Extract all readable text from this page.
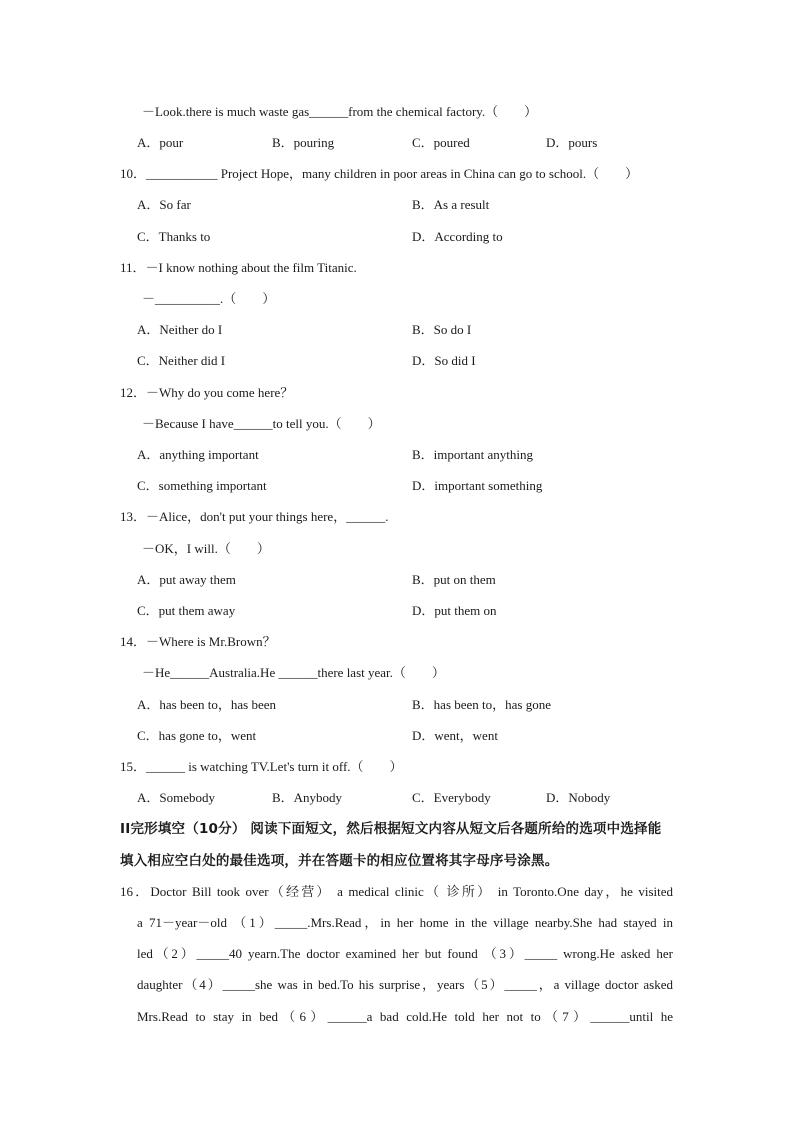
－Look.there is much waste gas______from the chemical factory.（　　）
A．pour	B．pouring	C．poured	D．pours
10．___________ Project Hope，many children in poor areas in China can go to school.（　　）
A．So far	B．As a result
C．Thanks to	D．According to
11．－I know nothing about the film Titanic.
－__________.（　　）
A．Neither do I	B．So do I
C．Neither did I	D．So did I
12．－Why do you come here？
－Because I have______to tell you.（　　）
A．anything important	B．important anything
C．something important	D．important something
13．－Alice，don't put your things here，______.
－OK，I will.（　　）
A．put away them	B．put on them
C．put them away	D．put them on
14．－Where is Mr.Brown？
－He______Australia.He ______there last year.（　　）
A．has been to，has been	B．has been to，has gone
C．has gone to，went	D．went，went
15．______ is watching TV.Let's turn it off.（　　）
A．Somebody	B．Anybody	C．Everybody	D．Nobody
II完形填空（10分） 阅读下面短文，然后根据短文内容从短文后各题所给的选项中选择能
填入相应空白处的最佳选项，并在答题卡的相应位置将其字母序号涂黑。
16．Doctor Bill took over（经营） a medical clinic（ 诊所） in Toronto.One day，he visited
a 71－year－old （1）_____.Mrs.Read，in her home in the village nearby.She had stayed in
led（2）_____40 yearn.The doctor examined her but found （3）_____ wrong.He asked her
daughter（4）_____she was in bed.To his surprise，years（5）_____，a village doctor asked
Mrs.Read to stay in bed（6）______a bad cold.He told her not to（7）______until he
